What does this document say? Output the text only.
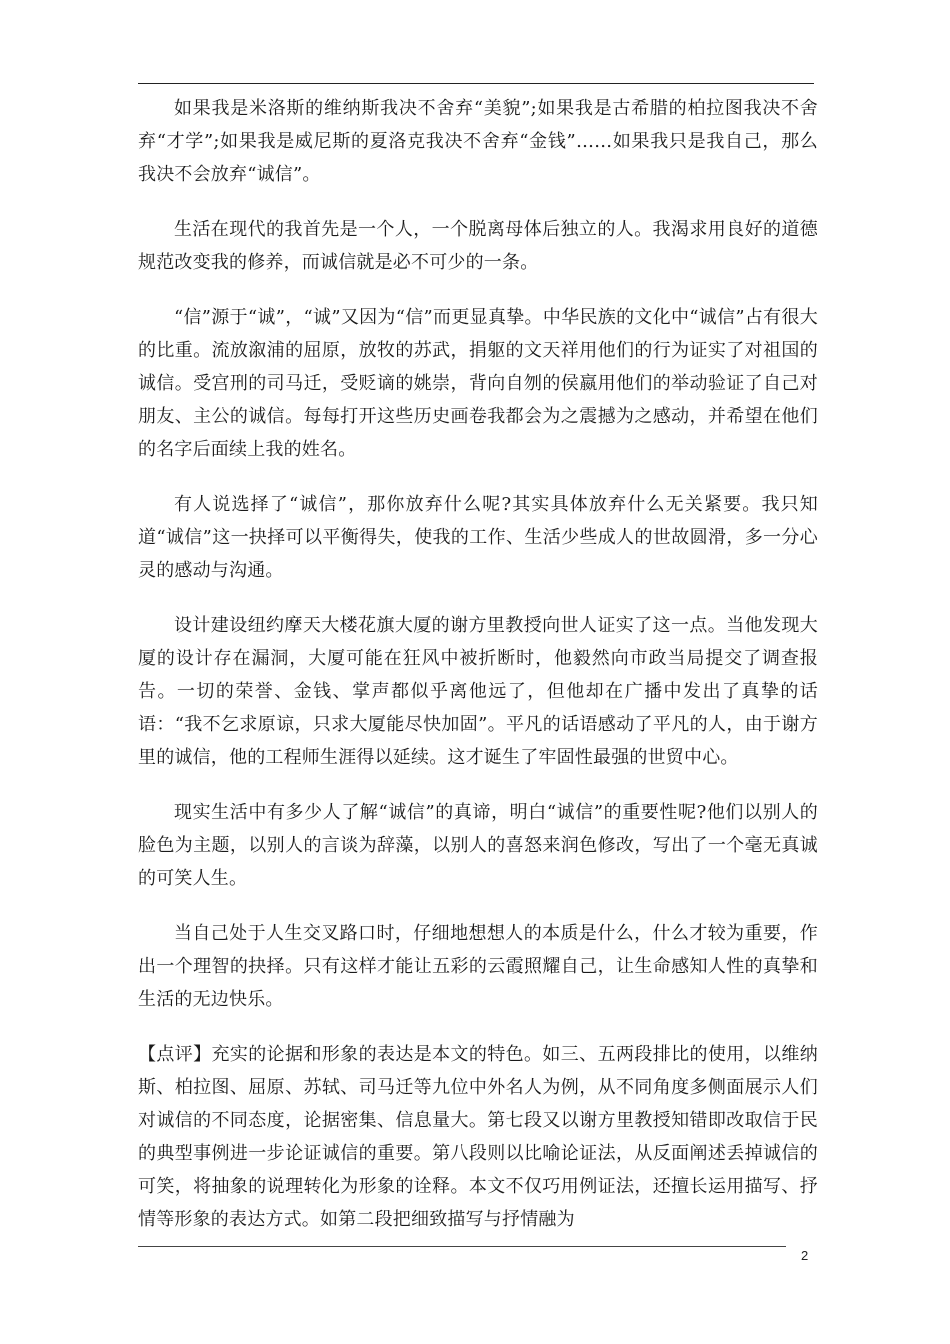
如果我是米洛斯的维纳斯我决不舍弃“美貌”;如果我是古希腊的柏拉图我决不舍弃“才学”;如果我是威尼斯的夏洛克我决不舍弃“金钱”……如果我只是我自己，那么我决不会放弃“诚信”。

生活在现代的我首先是一个人，一个脱离母体后独立的人。我渴求用良好的道德规范改变我的修养，而诚信就是必不可少的一条。

“信”源于“诚”，“诚”又因为“信”而更显真挚。中华民族的文化中“诚信”占有很大的比重。流放溆浦的屈原，放牧的苏武，捐躯的文天祥用他们的行为证实了对祖国的诚信。受宫刑的司马迁，受贬谪的姚崇，背向自刎的侯嬴用他们的举动验证了自己对朋友、主公的诚信。每每打开这些历史画卷我都会为之震撼为之感动，并希望在他们的名字后面续上我的姓名。

有人说选择了“诚信”，那你放弃什么呢?其实具体放弃什么无关紧要。我只知道“诚信”这一抉择可以平衡得失，使我的工作、生活少些成人的世故圆滑，多一分心灵的感动与沟通。

设计建设纽约摩天大楼花旗大厦的谢方里教授向世人证实了这一点。当他发现大厦的设计存在漏洞，大厦可能在狂风中被折断时，他毅然向市政当局提交了调查报告。一切的荣誉、金钱、掌声都似乎离他远了，但他却在广播中发出了真挚的话语：“我不乞求原谅，只求大厦能尽快加固”。平凡的话语感动了平凡的人，由于谢方里的诚信，他的工程师生涯得以延续。这才诞生了牢固性最强的世贸中心。

现实生活中有多少人了解“诚信”的真谛，明白“诚信”的重要性呢?他们以别人的脸色为主题，以别人的言谈为辞藻，以别人的喜怒来润色修改，写出了一个毫无真诚的可笑人生。

当自己处于人生交叉路口时，仔细地想想人的本质是什么，什么才较为重要，作出一个理智的抉择。只有这样才能让五彩的云霞照耀自己，让生命感知人性的真挚和生活的无边快乐。

【点评】充实的论据和形象的表达是本文的特色。如三、五两段排比的使用，以维纳斯、柏拉图、屈原、苏轼、司马迁等九位中外名人为例，从不同角度多侧面展示人们对诚信的不同态度，论据密集、信息量大。第七段又以谢方里教授知错即改取信于民的典型事例进一步论证诚信的重要。第八段则以比喻论证法，从反面阐述丢掉诚信的可笑，将抽象的说理转化为形象的诠释。本文不仅巧用例证法，还擅长运用描写、抒情等形象的表达方式。如第二段把细致描写与抒情融为

2
